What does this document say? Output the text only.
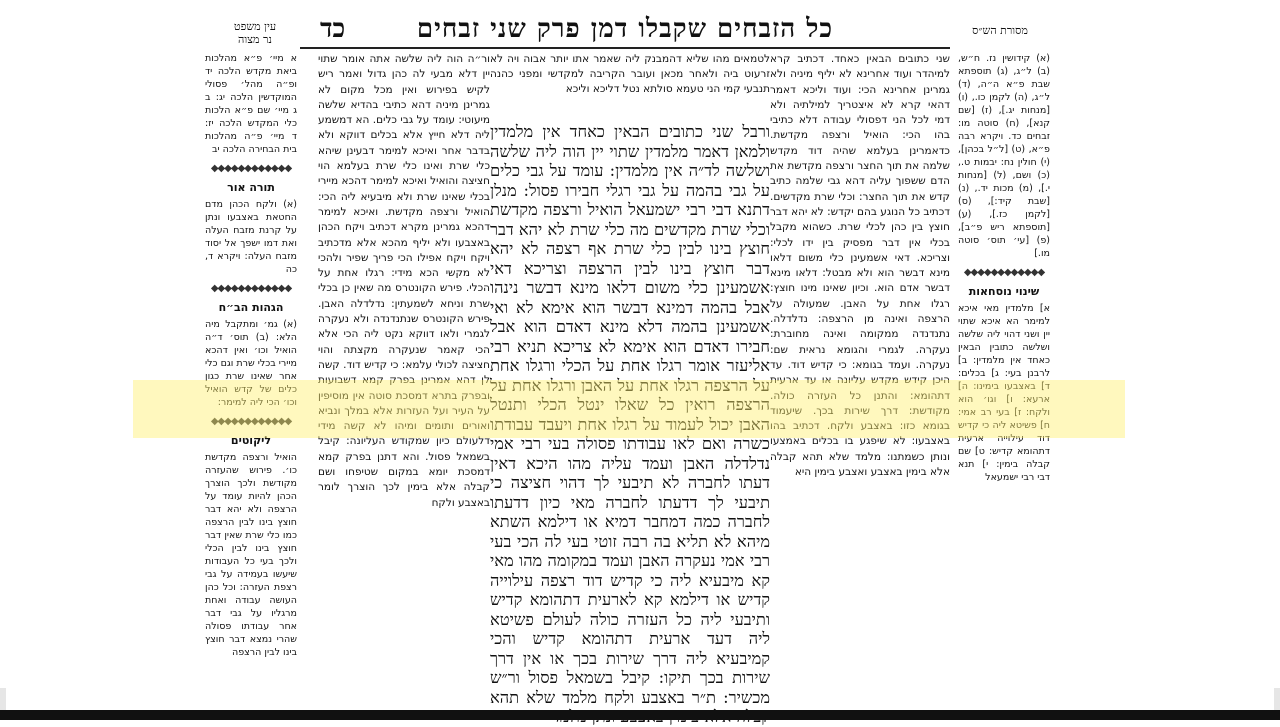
כד	כל הזבחים שקבלו דמן פרק שני זבחים
עין משפט
נר מצוה
מסורת הש״ס

(א) קידושין נז. ח״ש, (ב) ל״ג, (ג) תוספתא שבת פ״א ה״ה, (ד) ל״ג, (ה) לקמן כו., (ו) [מנחות יג.], (ז) [שם קנא], (ח) סוטה מו: זבחים כד. ויקרא רבה פ״א, (ט) [ל״ל בכהן], (י) חולין נח: יבמות ט., (כ) ושם, (ל) [מנחות י.], (מ) מכות יד., (נ) [שבת קיד:], (ס) [לקמן כז.], (ע) [תוספתא ריש פ״ב], (פ) [עי׳ תוס׳ סוטה מו.]

◆◆◆◆◆◆◆◆◆◆◆◆
שינוי נוסחאות

א] מלמדין מאי איכא למימר הא איכא שתוי יין ושני דהוי ליה שלשה ושלשה כתובין הבאין כאחד אין מלמדין: ב] לרבנן בעי: ג] בכלים: ד] באצבעו בימינו: ה] ארעא: ו] וגו׳ הוא ולקח: ז] בעי רב אמי: ח] פשיטא ליה כי קדיש דוד עילוייה ארעית דתהומא קדיש: ט] שם קבלה בימין: י] תנא דבי רבי ישמעאל

שני כתובים הבאין כאחד. דכתיב קרא למיהדר ועוד אחרינא לא יליף מיניה ולא גמרינן אחרינא הכי: ועוד וליכא דאמר דהאי קרא לא איצטריך למילתיה ולא דמי לכל הני דפסולי עבודה דלא כתיבי בהו הכי: הואיל ורצפה מקדשת. כדאמרינן בעלמא שהיה דוד מקדש שלמה את תוך החצר ורצפה מקדשת את הדם ששפוך עליה דהא גבי שלמה כתיב קדש את תוך החצר: וכלי שרת מקדשים. דכתיב כל הנוגע בהם יקדש: לא יהא דבר חוצץ בין כהן לכלי שרת. כשהוא מקבל בכלי אין דבר מפסיק בין ידו לכלי: וצריכא. דאי אשמעינן כלי משום דלאו מינא דבשר הוא ולא מבטל: דלאו מינא דבשר אדם הוא. וכיון שאינו מינו חוצץ: רגלו אחת על האבן. שמעולה על הרצפה ואינה מן הרצפה: נדלדלה. נתנדנדה ממקומה ואינה מחוברת: נעקרה. לגמרי והגומא נראית שם: נעקרה. ועמד בגומא: כי קדיש דוד. עד היכן קידש מקדש עליונה או עד ארעית דתהומא: והתנן כל העזרה כולה. מקודשת: דרך שירות בכך. שיעמוד בגומא כזו: באצבע ולקח. דכתיב בהו באצבעו: לא שיפגע בו בכלים באמצעו ונותן כשמתנו: מלמד שלא תהא קבלה אלא בימין באצבע ואצבע בימין היא

לטמאים מהו שליא דהמבנק ליה שאמר אתו יותר אבוה ויה לא זרעוט ביה ולאחר מכאן ועובר הקריבה למקדשי ומפני כהנה תנבעי קמי הני טעמא סולתא נטל דליכא וליכא

ורבל שני כתובים הבאין כאחד אין מלמדין ולמאן דאמר מלמדין שתוי יין הוה ליה שלשה ושלשה לד״ה אין מלמדין: עומד על גבי כלים על גבי בהמה על גבי רגלי חבירו פסול: מנלן דתנא דבי רבי ישמעאל הואיל ורצפה מקדשת וכלי שרת מקדשים מה כלי שרת לא יהא דבר חוצץ בינו לבין כלי שרת אף רצפה לא יהא דבר חוצץ בינו לבין הרצפה וצריכא דאי אשמעינן כלי משום דלאו מינא דבשר נינהו אבל בהמה דמינא דבשר הוא אימא לא ואי אשמעינן בהמה דלא מינא דאדם הוא אבל חבירו דאדם הוא אימא לא צריכא תניא רבי אליעזר אומר רגלו אחת על הכלי ורגלו אחת על הרצפה רגלו אחת על האבן ורגלו אחת על הרצפה רואין כל שאלו ינטל הכלי ותנטל האבן יכול לעמוד על רגלו אחת ויעבד עבודתו כשרה ואם לאו עבודתו פסולה בעי רבי אמי נדלדלה האבן ועמד עליה מהו היכא דאין דעתו לחברה לא תיבעי לך דהוי חציצה כי תיבעי לך דדעתו לחברה מאי כיון דדעתו לחברה כמה דמחבר דמיא או דילמא השתא מיהא לא תליא בה רבה זוטי בעי לה הכי בעי רבי אמי נעקרה האבן ועמד במקומה מהו מאי קא מיבעיא ליה כי קדיש דוד רצפה עילוייה קדיש או דילמא קא לארעית דתהומא קדיש ותיבעי ליה כל העזרה כולה לעולם פשיטא ליה דעד ארעית דתהומא קדיש והכי קמיבעיא ליה דרך שירות בכך או אין דרך שירות בכך תיקו: קיבל בשמאל פסול ור״ש מכשיר: ת״ר באצבע ולקח מלמד שלא תהא

ור״ה הוה ליה שלשה אתה אומר שתוי יין דלא מבעי לה כהן גדול ואמר ריש לקיש בפירוש ואין מכל מקום לא גמרינן מיניה דהא כתיבי בהדיא שלשה מיעוטי: עומד על גבי כלים. הא דמשמע ליה דלא חייץ אלא בכלים דווקא ולא בדבר אחר ואיכא למימר דבעינן שיהא כלי שרת ואינו כלי שרת בעלמא הוי חציצה והואיל ואיכא למימר דהכא מיירי בכלי שאינו שרת ולא מיבעיא ליה הכי: הואיל ורצפה מקדשת. ואיכא למימר דהכא גמרינן מקרא דכתיב ויקח הכהן באצבעו ולא יליף מהכא אלא מדכתיב ויקח ויקח אפילו הכי פריך שפיר ולהכי לא מקשי הכא מידי: רגלו אחת על הכלי. פירש הקונטרס מה שאין כן בכלי שרת וניחא לשמעתין: נדלדלה האבן. פירש הקונטרס שנתנדנדה ולא נעקרה לגמרי ולאו דווקא נקט ליה הכי אלא הכי קאמר שנעקרה מקצתה והוי חציצה לכולי עלמא: כי קדיש דוד. קשה לן דהא אמרינן בפרק קמא דשבועות ובפרק בתרא דמסכת סוטה אין מוסיפין על העיר ועל העזרות אלא במלך ונביא ואורים ותומים ומיהו לא קשה מידי דלעולם כיון שמקודש העליונה: קיבל בשמאל פסול. והא דתנן בפרק קמא דמסכת יומא במקום שטיפחו ושם קבלה אלא בימין לכך הוצרך לומר באצבע ולקח

א מיי׳ פ״א מהלכות ביאת מקדש הלכה יד ופ״ה מהל׳ פסולי המוקדשין הלכה יג: ב ג מיי׳ שם פ״א הלכות כלי המקדש הלכה יז: ד מיי׳ פ״ה מהלכות בית הבחירה הלכה יב

◆◆◆◆◆◆◆◆◆◆◆◆
תורה אור

(א) ולקח הכהן מדם החטאת באצבעו ונתן על קרנת מזבח העלה ואת דמו ישפך אל יסוד מזבח העלה: ויקרא ד, כה

◆◆◆◆◆◆◆◆◆◆◆◆
הגהות הב״ח

(א) גמ׳ ומתקבל מיה הלא: (ב) תוס׳ ד״ה הואיל וכו׳ ואין דהכא מיירי בכלי שרת וגם כלי אחר שאינו שרת כגון כלים של קדש הואיל וכו׳ הכי ליה למימר:

◆◆◆◆◆◆◆◆◆◆◆◆
ליקוטים

הואיל ורצפה מקדשת כו׳. פירוש שהעזרה מקודשת ולכך הוצרך הכהן להיות עומד על הרצפה ולא יהא דבר חוצץ בינו לבין הרצפה כמו כלי שרת שאין דבר חוצץ בינו לבין הכלי ולכך בעי כל העבודות שיעשו בעמידה על גבי רצפת העזרה: וכל כהן העושה עבודה ואחת מרגליו על גבי דבר אחר עבודתו פסולה שהרי נמצא דבר חוצץ בינו לבין הרצפה
